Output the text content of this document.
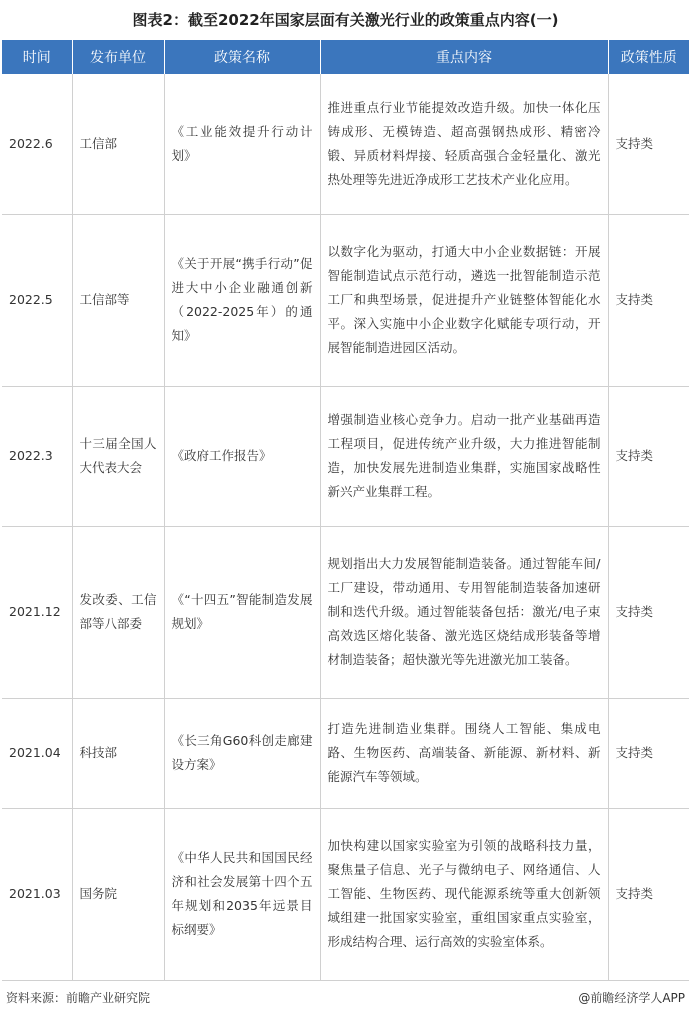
图表2：截至2022年国家层面有关激光行业的政策重点内容(一)
时间	发布单位	政策名称	重点内容	政策性质
2022.6	工信部	《工业能效提升行动计划》	推进重点行业节能提效改造升级。加快一体化压铸成形、无模铸造、超高强钢热成形、精密冷锻、异质材料焊接、轻质高强合金轻量化、激光热处理等先进近净成形工艺技术产业化应用。	支持类
2022.5	工信部等	《关于开展“携手行动”促进大中小企业融通创新（2022-2025年）的通知》	以数字化为驱动，打通大中小企业数据链：开展智能制造试点示范行动，遴选一批智能制造示范工厂和典型场景，促进提升产业链整体智能化水平。深入实施中小企业数字化赋能专项行动，开展智能制造进园区活动。	支持类
2022.3	十三届全国人大代表大会	《政府工作报告》	增强制造业核心竞争力。启动一批产业基础再造工程项目，促进传统产业升级，大力推进智能制造，加快发展先进制造业集群，实施国家战略性新兴产业集群工程。	支持类
2021.12	发改委、工信部等八部委	《“十四五”智能制造发展规划》	规划指出大力发展智能制造装备。通过智能车间/工厂建设，带动通用、专用智能制造装备加速研制和迭代升级。通过智能装备包括：激光/电子束高效选区熔化装备、激光选区烧结成形装备等增材制造装备；超快激光等先进激光加工装备。	支持类
2021.04	科技部	《长三角G60科创走廊建设方案》	打造先进制造业集群。围绕人工智能、集成电路、生物医药、高端装备、新能源、新材料、新能源汽车等领域。	支持类
2021.03	国务院	《中华人民共和国国民经济和社会发展第十四个五年规划和2035年远景目标纲要》	加快构建以国家实验室为引领的战略科技力量，聚焦量子信息、光子与微纳电子、网络通信、人工智能、生物医药、现代能源系统等重大创新领域组建一批国家实验室，重组国家重点实验室，形成结构合理、运行高效的实验室体系。	支持类
资料来源：前瞻产业研究院	@前瞻经济学人APP
